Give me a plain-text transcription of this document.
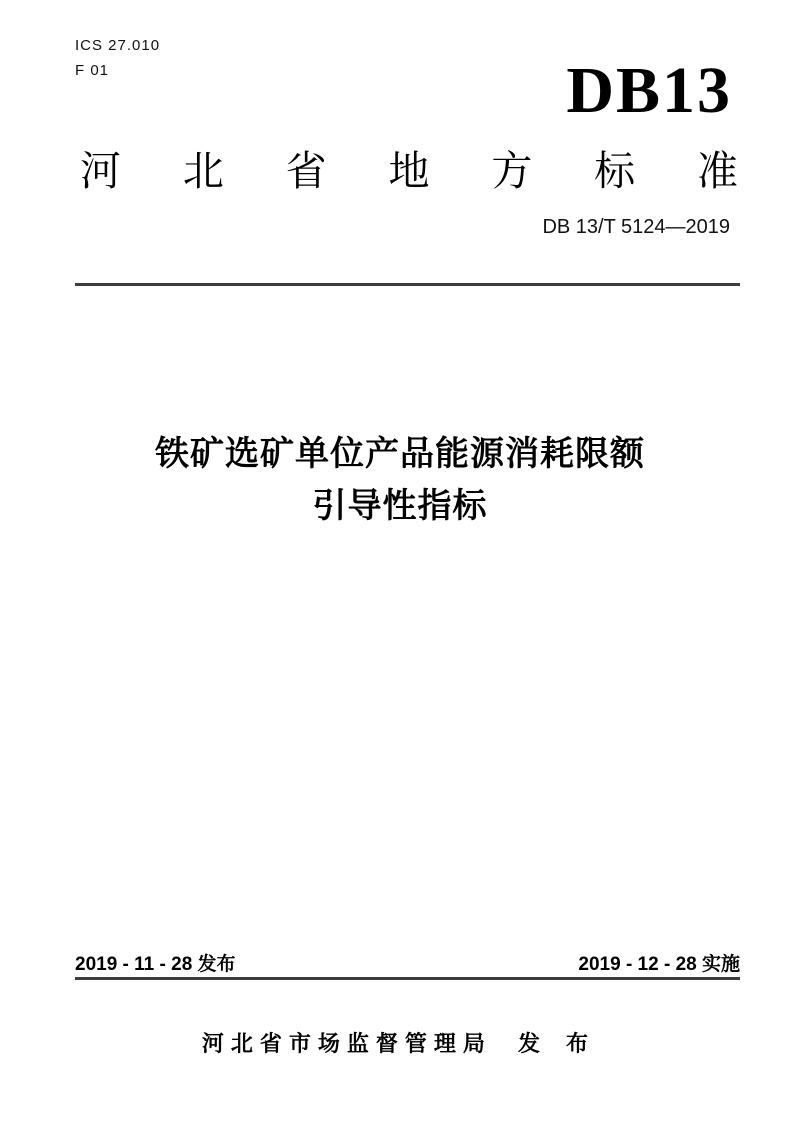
ICS 27.010
F 01	DB13
河 北 省 地 方 标 准
DB 13/T 5124—2019
铁矿选矿单位产品能源消耗限额
引导性指标
2019 - 11 - 28 发布	2019 - 12 - 28 实施
河北省市场监督管理局 发 布
